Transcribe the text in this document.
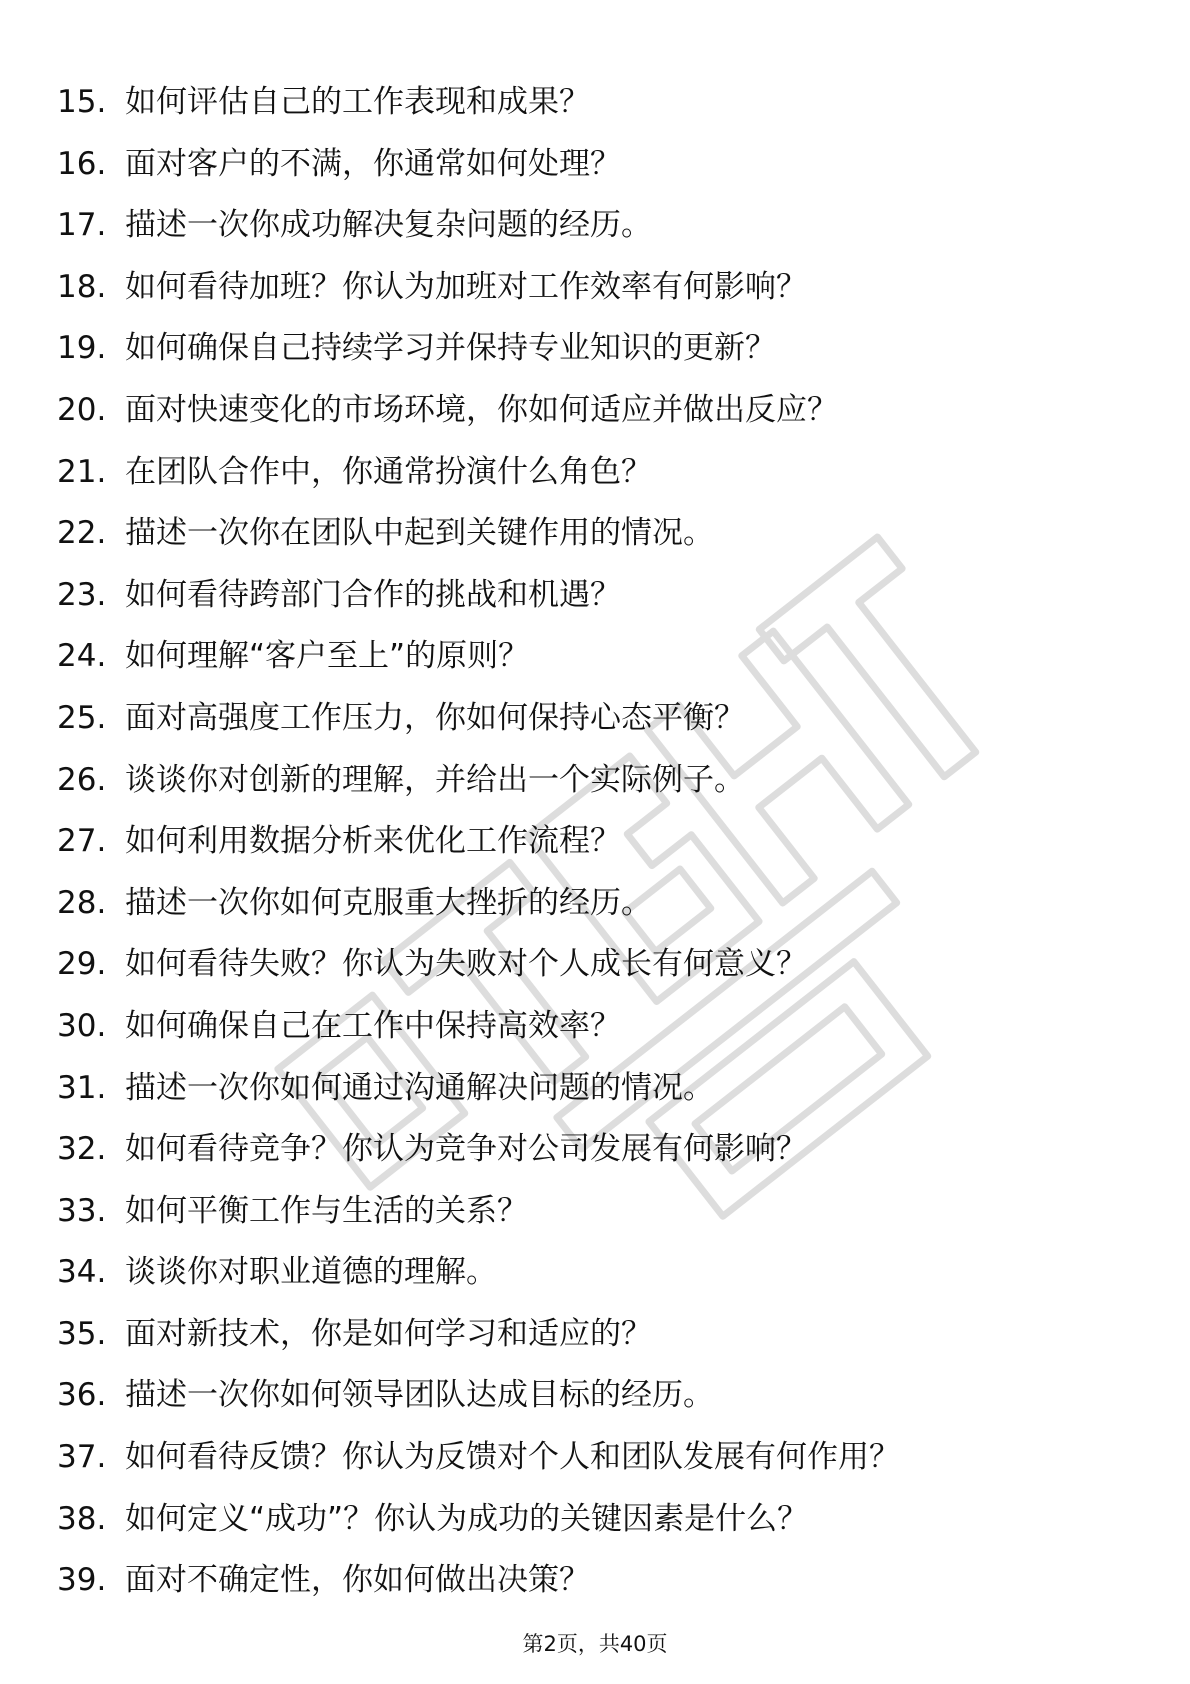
15. 如何评估自己的工作表现和成果？
16. 面对客户的不满，你通常如何处理？
17. 描述一次你成功解决复杂问题的经历。
18. 如何看待加班？你认为加班对工作效率有何影响？
19. 如何确保自己持续学习并保持专业知识的更新？
20. 面对快速变化的市场环境，你如何适应并做出反应？
21. 在团队合作中，你通常扮演什么角色？
22. 描述一次你在团队中起到关键作用的情况。
23. 如何看待跨部门合作的挑战和机遇？
24. 如何理解“客户至上”的原则？
25. 面对高强度工作压力，你如何保持心态平衡？
26. 谈谈你对创新的理解，并给出一个实际例子。
27. 如何利用数据分析来优化工作流程？
28. 描述一次你如何克服重大挫折的经历。
29. 如何看待失败？你认为失败对个人成长有何意义？
30. 如何确保自己在工作中保持高效率？
31. 描述一次你如何通过沟通解决问题的情况。
32. 如何看待竞争？你认为竞争对公司发展有何影响？
33. 如何平衡工作与生活的关系？
34. 谈谈你对职业道德的理解。
35. 面对新技术，你是如何学习和适应的？
36. 描述一次你如何领导团队达成目标的经历。
37. 如何看待反馈？你认为反馈对个人和团队发展有何作用？
38. 如何定义“成功”？你认为成功的关键因素是什么？
39. 面对不确定性，你如何做出决策？
第2页，共40页
